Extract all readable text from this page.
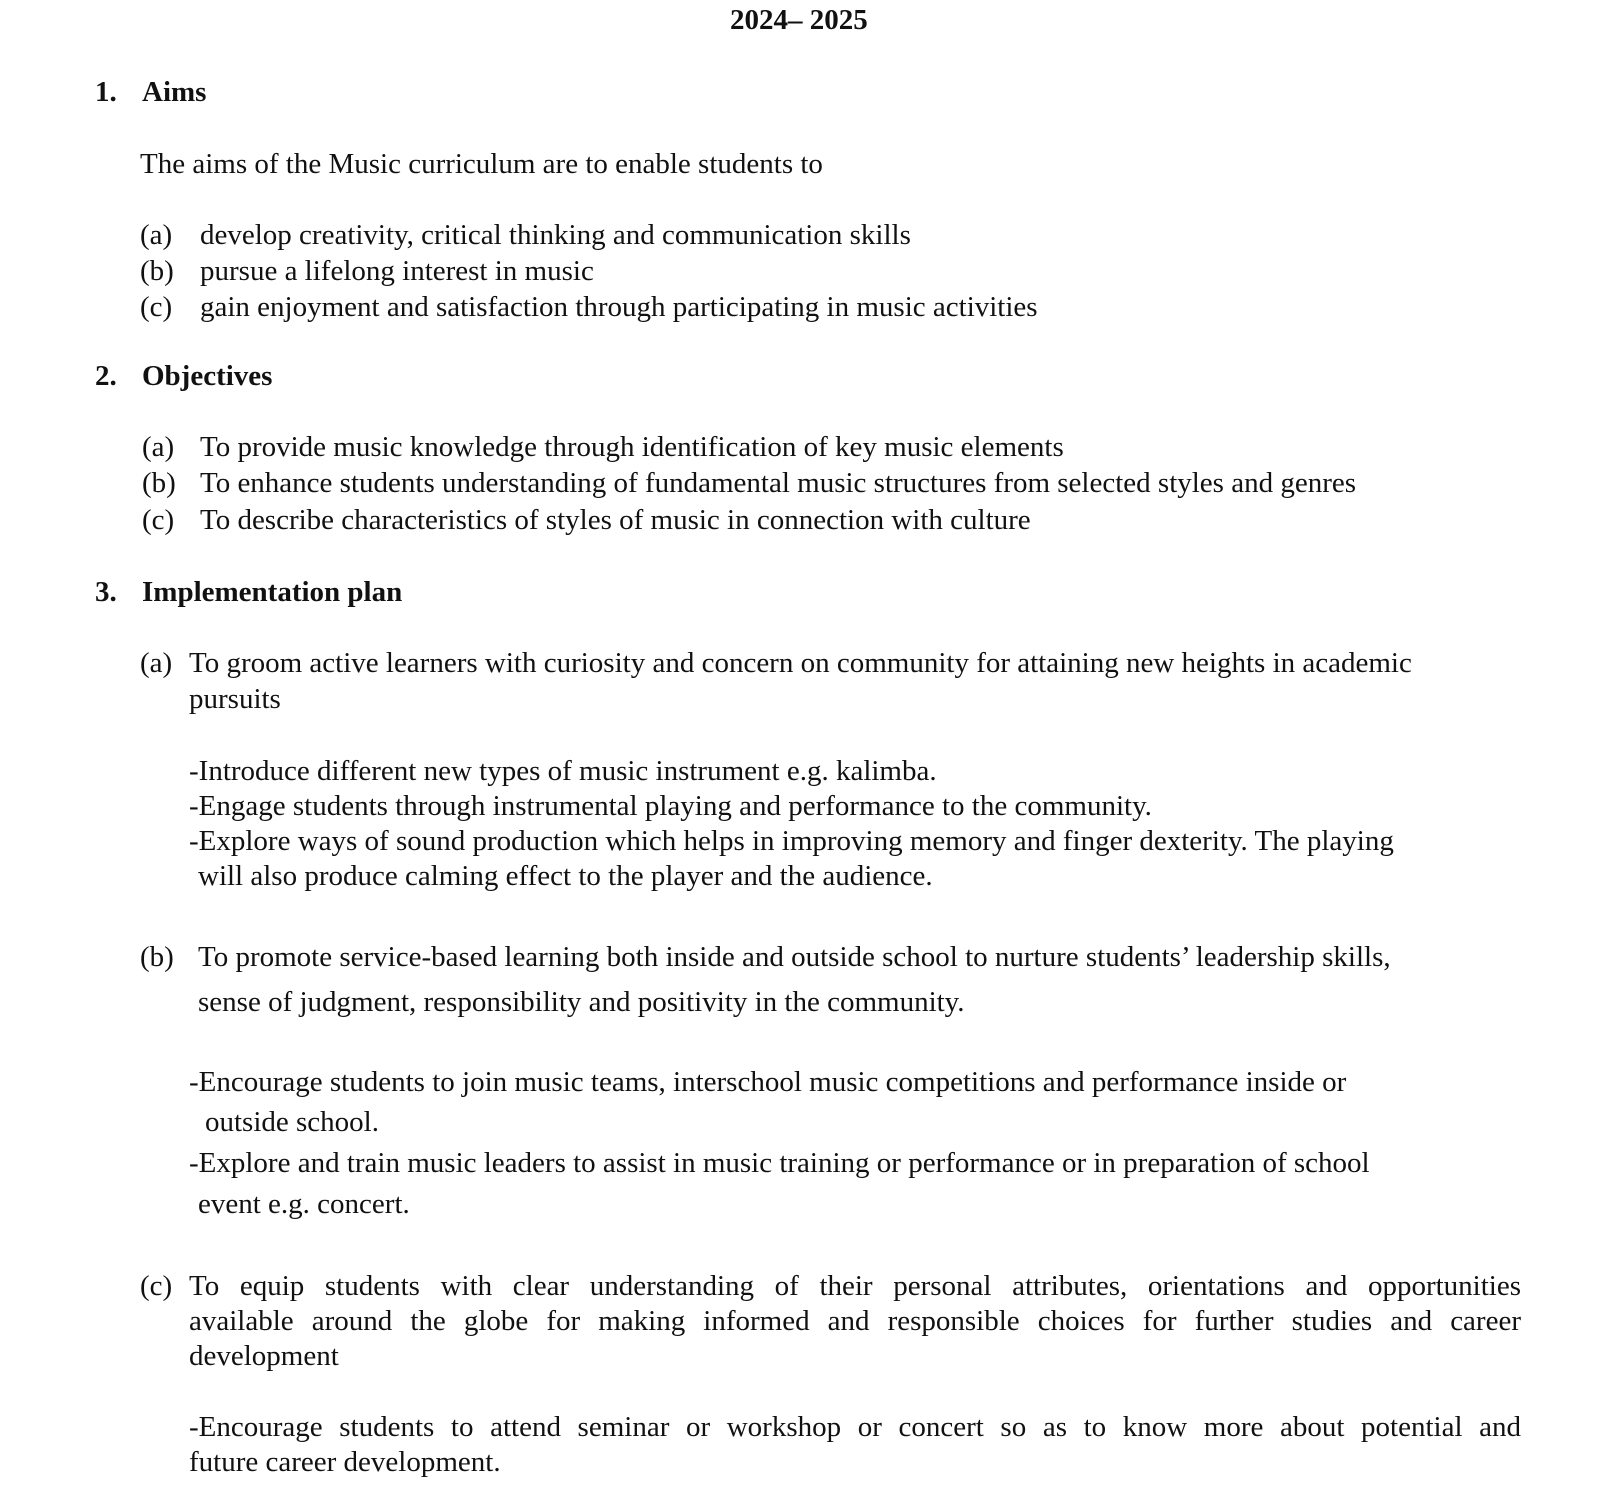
2024– 2025
1. Aims
The aims of the Music curriculum are to enable students to
(a) develop creativity, critical thinking and communication skills
(b) pursue a lifelong interest in music
(c) gain enjoyment and satisfaction through participating in music activities
2. Objectives
(a) To provide music knowledge through identification of key music elements
(b) To enhance students understanding of fundamental music structures from selected styles and genres
(c) To describe characteristics of styles of music in connection with culture
3. Implementation plan
(a) To groom active learners with curiosity and concern on community for attaining new heights in academic
pursuits
-Introduce different new types of music instrument e.g. kalimba.
-Engage students through instrumental playing and performance to the community.
-Explore ways of sound production which helps in improving memory and finger dexterity. The playing
will also produce calming effect to the player and the audience.
(b) To promote service-based learning both inside and outside school to nurture students’ leadership skills,
sense of judgment, responsibility and positivity in the community.
-Encourage students to join music teams, interschool music competitions and performance inside or
outside school.
-Explore and train music leaders to assist in music training or performance or in preparation of school
event e.g. concert.
(c) To equip students with clear understanding of their personal attributes, orientations and opportunities
available around the globe for making informed and responsible choices for further studies and career
development
-Encourage students to attend seminar or workshop or concert so as to know more about potential and
future career development.
